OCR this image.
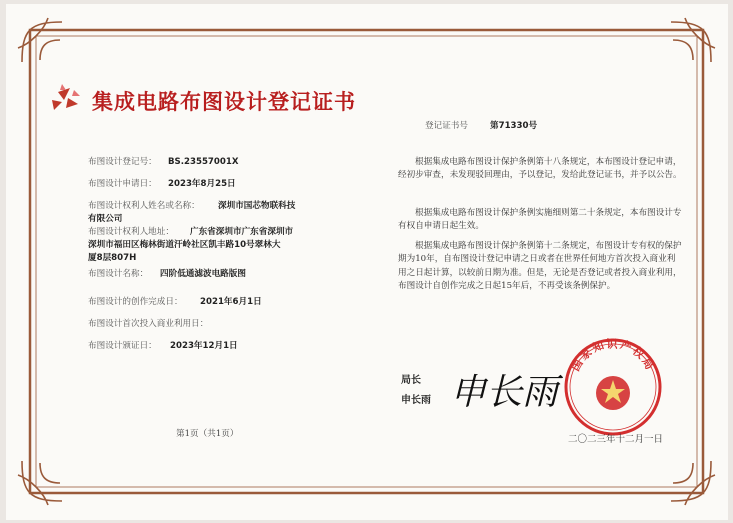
集成电路布图设计登记证书
登记证书号	第71330号
布图设计登记号： BS.23557001X
布图设计申请日： 2023年8月25日
布图设计权利人姓名或名称： 深圳市国芯物联科技
有限公司
布图设计权利人地址： 广东省深圳市广东省深圳市
深圳市福田区梅林街道汗岭社区凯丰路10号翠林大
厦8层807H
布图设计名称： 四阶低通滤波电路版图
布图设计的创作完成日： 2021年6月1日
布图设计首次投入商业利用日：
布图设计颁证日： 2023年12月1日
根据集成电路布图设计保护条例第十八条规定，本布图设计登记申请，经初步审查，未发现驳回理由，予以登记，发给此登记证书，并予以公告。
根据集成电路布图设计保护条例实施细则第二十条规定，本布图设计专有权自申请日起生效。
根据集成电路布图设计保护条例第十二条规定，布图设计专有权的保护期为10年，自布图设计登记申请之日或者在世界任何地方首次投入商业利用之日起计算，以较前日期为准。但是，无论是否登记或者投入商业利用，布图设计自创作完成之日起15年后，不再受该条例保护。
局长
申长雨 申长雨
国家知识产权局
第1页（共1页）	二〇二三年十二月一日
